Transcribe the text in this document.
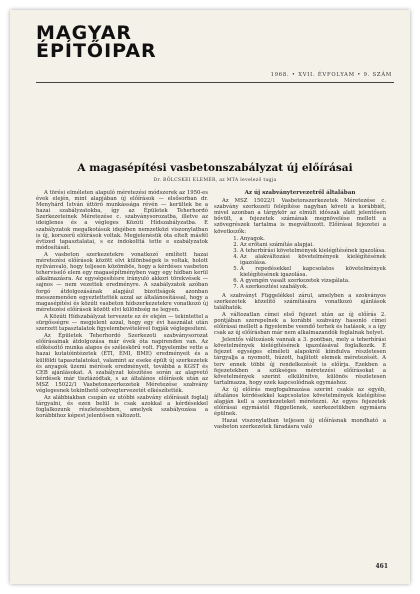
MAGYAR
ÉPÍTŐIPAR
1968. • XVII. ÉVFOLYAM • 9. SZÁM
A magasépítési vasbetonszabályzat új előírásai
Dr. BÖLCSKEI ELEMÉR, az MTA levelező tagja

A törési elméleten alapuló méretezési módszerek az 1950-es évek elején, mint alapjában új előírások — elsősorban dr. Menyhárd István úttörő munkássága révén — kerültek be a hazai szabályzatokba, így az Épületek Teherhordó Szerkezeteinek Méretezése c. szabványsorozatba, illetve az ideiglenes és a végleges Közúti Hídszabályzatba. E szabályzatok megalkotásuk idejében nemzetközi viszonylatban is új, korszerű előírások voltak. Megjelenésük óta eltelt másfél évtized tapasztalatai, s ez indokolttá tette e szabályzatok módosítását.

A vasbeton szerkezetekre vonatkozó említett hazai méretezési előírások között elvi különbségek is voltak, holott nyilvánvaló, hogy teljesen közömbös, hogy a kérdéses vasbeton teherviselő elem egy magasépítményben vagy egy hídban kerül alkalmazásra. Az egységesítésre irányuló akkori törekvések — sajnos — nem vezettek eredményre. A szabályzatok azóban forgó átdolgozásának alapjául bizottságok azonban messzemenően egyeztettették azzal az általánosítással, hogy a magasépítési és közúti vasbeton hídszerkezetekre vonatkozó új méretezési előírások között elvi különbség ne legyen.

A Közúti Hídszabályzat tervezete ez év elején — tekintettel a sürgősségre — megjelent azzal, hogy egy évi használat után szerzett tapasztalatok figyelembevételével fogják véglegesíteni.

Az Épületek Teherhordó Szerkezeti szabványsorozat előírásainak átdolgozása már évek óta napirenden van. Az előkészítő munka alapos és széleskörű volt. Figyelembe vette a hazai kutatóintézetek (ÉTI, ÉMI, BME) eredményeit és a külföldi tapasztalatokat, valamint az eseke épült új szerkezetek és anyagok üzemi mérések eredményeit, továbbá a KGST és CEB ajánlásokat. A szabályzat készítése során az alapvető kérdések már tisztázódtak, s az általános előírások után az MSZ 15022/1 Vasbetonszerkezetek Méretezése szabvány véglegesnek tekinthető szövegtervezetét elkészítették.

Az alábbiakban csupán ez utóbbi szabvány előírásait foglalj tárgyalni, és ezen belül is csak azokkal a kérdésekkel foglalkozunk részletesebben, amelyek szabályozása a korábbihoz képest jelentősen változott.

Az új szabványtervezetről általában

Az MSZ 15022/1 Vasbetonszerkezetek Méretezése c. szabvány szerkezeti felépítése nagyban követi a korábbiét, mivel azonban a tárgykör az elmúlt időszak alatt jelentősen bővült, a fejezetek számának megnövelése mellett a szövegrészek tartalma is megváltozott. Előírásai fejezetei a következők:

1. Anyagok.
2. Az erőtani számítás alapjai.
3. A teherbírási követelmények kielégítésének igazolása.
4. Az alakváltozási követelmények kielégítésének igazolása.
5. A repedésekkel kapcsolatos követelmények kielégítésének igazolása.
6. A gyengén vasalt szerkezetek vizsgálata.
7. A szerkesztési szabályok.

A szabványt Függelékkel zárul, amelyben a szokványos szerkezetek közelítő számítására vonatkozó ajánlások találhatók.

A változatlan címei első fejezet után az új előírás 2. pontjában szerepelnek a korábbi szabvány hasonló címei előírásai mellett a figyelembe veendő terhek és hatások, s a így csak az új előírásban már nem alkalmazandók foglalnak helyet.

Jelentős változások vannak a 3. pontban, mely a teherbírási követelmények kielégítésének igazolásával foglalkozik. E fejezet egységes elméleti alapokról kiindulva részletesen tárgyalja a nyomott, húzott, hajlított elemek méretezését. A terv ennek többi új rendelkezését is előírja. Ezekben a fejezetekben a szükséges méretezési előírásokat a követelmények szerint elkülönítve, különös részletesen tartalmazza, hogy ezek kapcsolódnak egymáshoz.

Az új előírás megfogalmazása szerint csakis az egyéb, általános kérdésekkel kapcsolatos követelmények kielégítése alapján kell a szerkezeteket méretezni. Az egyes fejezetek előírásai egymástól függetlenek, szerkezetükben egymásra épülnek.

Hazai viszonylatban teljesen új előírásnak mondható a vasbeton szerkezetek fáradásra való

461
